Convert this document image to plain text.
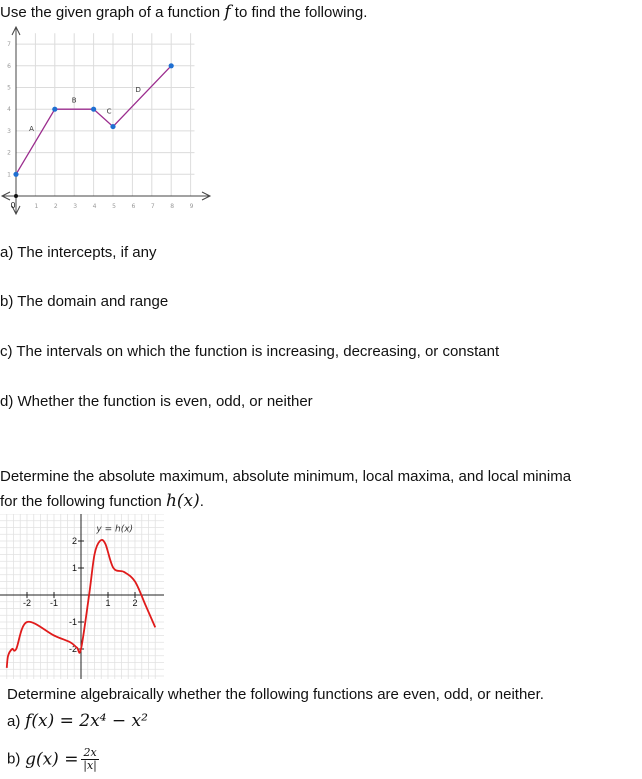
Use the given graph of a function f to find the following.
0	1	2	3	4	5	6	7	8	9
1
2
3
4
5
6
7
A
B
C
D
a) The intercepts, if any
b) The domain and range
c) The intervals on which the function is increasing, decreasing, or constant
d) Whether the function is even, odd, or neither
Determine the absolute maximum, absolute minimum, local maxima, and local minima
for the following function h(x).
-2 -1	1 2
2
1
-1
-2
y = h(x)
Determine algebraically whether the following functions are even, odd, or neither.
a) f(x) = 2x⁴ − x²
b) $g(x) = \frac{2x}{|x|}$
